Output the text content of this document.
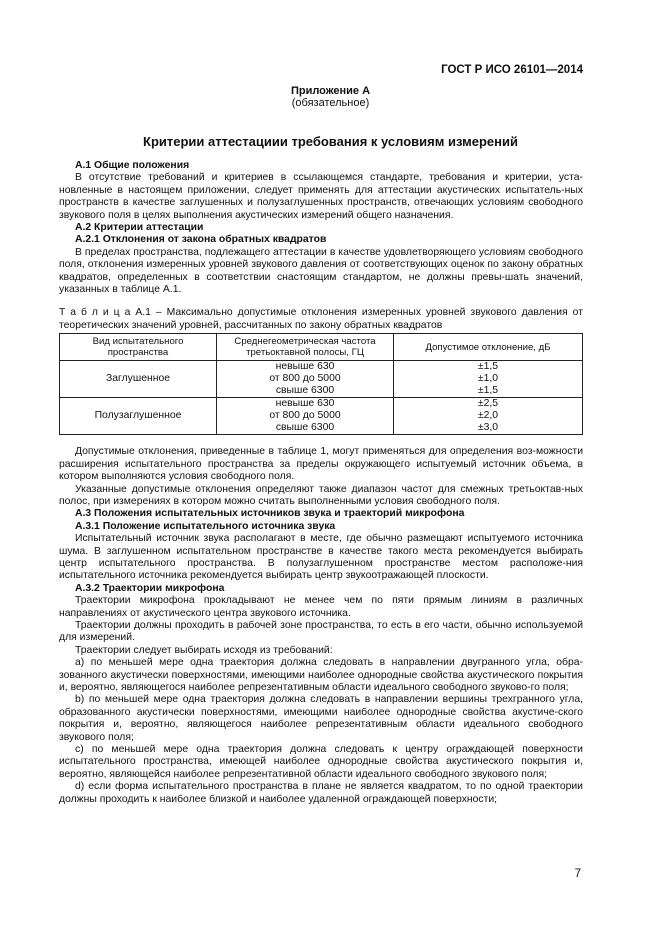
ГОСТ Р ИСО 26101—2014
Приложение А
(обязательное)
Критерии аттестациии требования к условиям измерений

А.1 Общие положения

В отсутствие требований и критериев в ссылающемся стандарте, требования и критерии, уста-новленные в настоящем приложении, следует применять для аттестации акустических испытатель-ных пространств в качестве заглушенных и полузаглушенных пространств, отвечающих условиям свободного звукового поля в целях выполнения акустических измерений общего назначения.

А.2 Критерии аттестации

А.2.1 Отклонения от закона обратных квадратов

В пределах пространства, подлежащего аттестации в качестве удовлетворяющего условиям свободного поля, отклонения измеренных уровней звукового давления от соответствующих оценок по закону обратных квадратов, определенных в соответствии снастоящим стандартом, не должны превы-шать значений, указанных в таблице А.1.

Т а б л и ц а А.1 – Максимально допустимые отклонения измеренных уровней звукового давления от теоретических значений уровней, рассчитанных по закону обратных квадратов

Вид испытательного пространства	Среднегеометрическая частота третьоктавной полосы, ГЦ	Допустимое отклонение, дБ
Заглушенное	невыше 630	±1,5
	от 800 до 5000	±1,0
	свыше 6300	±1,5
Полузаглушенное	невыше 630	±2,5
	от 800 до 5000	±2,0
	свыше 6300	±3,0

Допустимые отклонения, приведенные в таблице 1, могут применяться для определения воз-можности расширения испытательного пространства за пределы окружающего испытуемый источник объема, в котором выполняются условия свободного поля.

Указанные допустимые отклонения определяют также диапазон частот для смежных третьоктав-ных полос, при измерениях в котором можно считать выполненными условия свободного поля.

А.3 Положения испытательных источников звука и траекторий микрофона

А.3.1 Положение испытательного источника звука

Испытательный источник звука располагают в месте, где обычно размещают испытуемого источника шума. В заглушенном испытательном пространстве в качестве такого места рекомендуется выбирать центр испытательного пространства. В полузаглушенном пространстве местом расположе-ния испытательного источника рекомендуется выбирать центр звукоотражающей плоскости.

А.3.2 Траектории микрофона

Траектории микрофона прокладывают не менее чем по пяти прямым линиям в различных направлениях от акустического центра звукового источника.

Траектории должны проходить в рабочей зоне пространства, то есть в его части, обычно используемой для измерений.

Траектории следует выбирать исходя из требований:

а) по меньшей мере одна траектория должна следовать в направлении двугранного угла, обра-зованного акустически поверхностями, имеющими наиболее однородные свойства акустического покрытия и, вероятно, являющегося наиболее репрезентативным области идеального свободного звуково-го поля;

b) по меньшей мере одна траектория должна следовать в направлении вершины трехгранного угла, образованного акустически поверхностями, имеющими наиболее однородные свойства акустиче-ского покрытия и, вероятно, являющегося наиболее репрезентативным области идеального свободного звукового поля;

с) по меньшей мере одна траектория должна следовать к центру ограждающей поверхности испытательного пространства, имеющей наиболее однородные свойства акустического покрытия и, вероятно, являющейся наиболее репрезентативной области идеального свободного звукового поля;

d) если форма испытательного пространства в плане не является квадратом, то по одной траектории должны проходить к наиболее близкой и наиболее удаленной ограждающей поверхности;

7
